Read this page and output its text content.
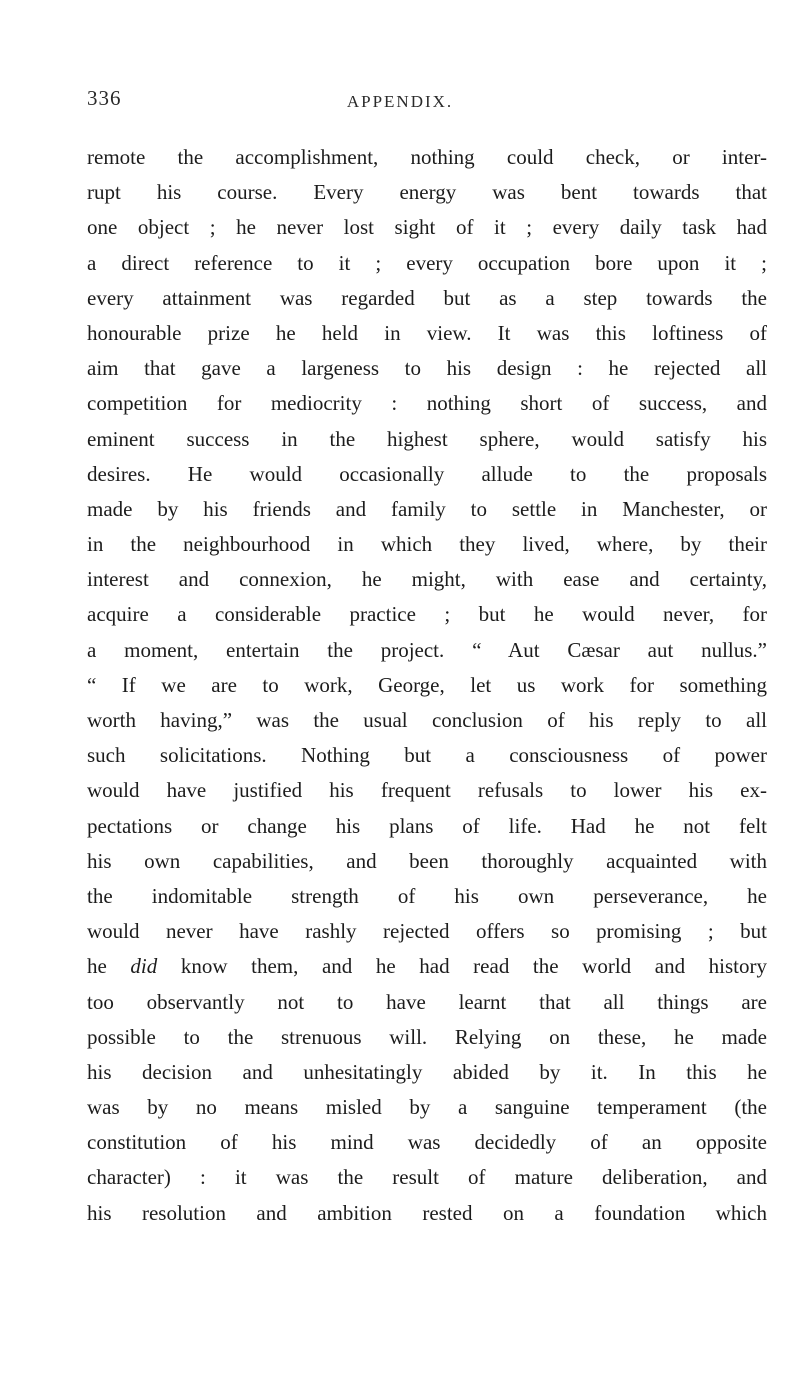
336	APPENDIX.
remote the accomplishment, nothing could check, or inter-
rupt his course. Every energy was bent towards that
one object ; he never lost sight of it ; every daily task had
a direct reference to it ; every occupation bore upon it ;
every attainment was regarded but as a step towards the
honourable prize he held in view. It was this loftiness of
aim that gave a largeness to his design : he rejected all
competition for mediocrity : nothing short of success, and
eminent success in the highest sphere, would satisfy his
desires. He would occasionally allude to the proposals
made by his friends and family to settle in Manchester, or
in the neighbourhood in which they lived, where, by their
interest and connexion, he might, with ease and certainty,
acquire a considerable practice ; but he would never, for
a moment, entertain the project. “ Aut Cæsar aut nullus.”
“ If we are to work, George, let us work for something
worth having,” was the usual conclusion of his reply to all
such solicitations. Nothing but a consciousness of power
would have justified his frequent refusals to lower his ex-
pectations or change his plans of life. Had he not felt
his own capabilities, and been thoroughly acquainted with
the indomitable strength of his own perseverance, he
would never have rashly rejected offers so promising ; but
he did know them, and he had read the world and history
too observantly not to have learnt that all things are
possible to the strenuous will. Relying on these, he made
his decision and unhesitatingly abided by it. In this he
was by no means misled by a sanguine temperament (the
constitution of his mind was decidedly of an opposite
character) : it was the result of mature deliberation, and
his resolution and ambition rested on a foundation which
